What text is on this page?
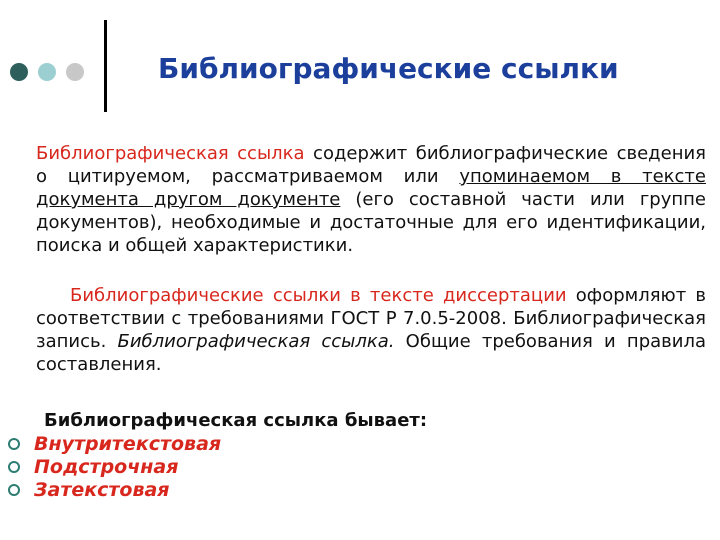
Библиографические ссылки

Библиографическая ссылка содержит библиографические сведения о цитируемом, рассматриваемом или упоминаемом в тексте документа другом документе (его составной части или группе документов), необходимые и достаточные для его идентификации, поиска и общей характеристики.

Библиографические ссылки в тексте диссертации оформляют в соответствии с требованиями ГОСТ Р 7.0.5-2008. Библиографическая запись. Библиографическая ссылка. Общие требования и правила составления.

Библиографическая ссылка бывает:
Внутритекстовая
Подстрочная
Затекстовая
